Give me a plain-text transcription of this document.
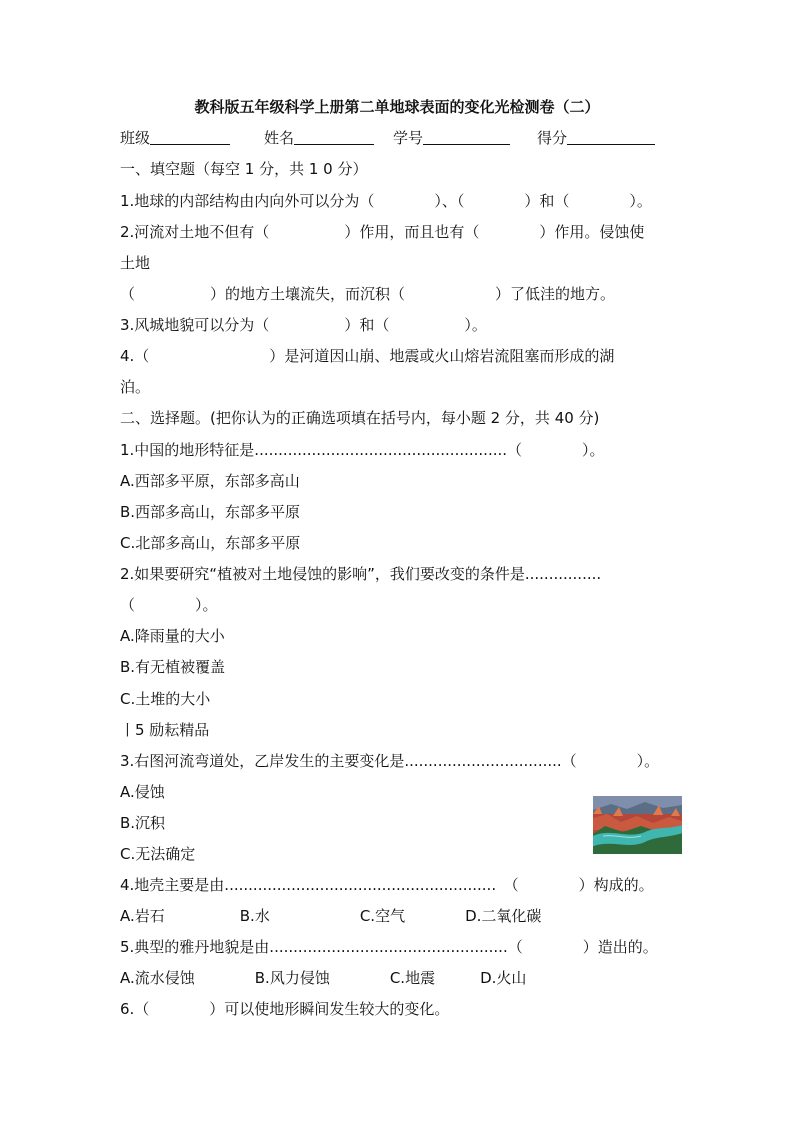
教科版五年级科学上册第二单地球表面的变化光检测卷（二）
班级	姓名	学号	得分
一、填空题（每空 1 分，共 1 0 分）
1.地球的内部结构由内向外可以分为（　　　　）、（　　　　）和（　　　　）。
2.河流对土地不但有（　　　　　）作用，而且也有（　　　　）作用。侵蚀使
土地
（　　　　　）的地方土壤流失，而沉积（　　　　　　）了低洼的地方。
3.风城地貌可以分为（　　　　　）和（　　　　　）。
4.（　　　　　　　　）是河道因山崩、地震或火山熔岩流阻塞而形成的湖
泊。
二、选择题。(把你认为的正确选项填在括号内，每小题 2 分，共 40 分)
1.中国的地形特征是.....................................................（　　　　）。
A.西部多平原，东部多高山
B.西部多高山，东部多平原
C.北部多高山，东部多平原
2.如果要研究“植被对土地侵蚀的影响”，我们要改变的条件是................
（　　　　）。
A.降雨量的大小
B.有无植被覆盖
C.土堆的大小
丨5 励耘精品
3.右图河流弯道处，乙岸发生的主要变化是.................................（　　　　）。
A.侵蚀
B.沉积
C.无法确定
4.地壳主要是由.........................................................　（　　　　）构成的。
A.岩石　　　　　B.水　　　　　　C.空气　　　　D.二氧化碳
5.典型的雅丹地貌是由..................................................（　　　　）造出的。
A.流水侵蚀　　　　B.风力侵蚀　　　　C.地震　　　D.火山
6.（　　　　）可以使地形瞬间发生较大的变化。
